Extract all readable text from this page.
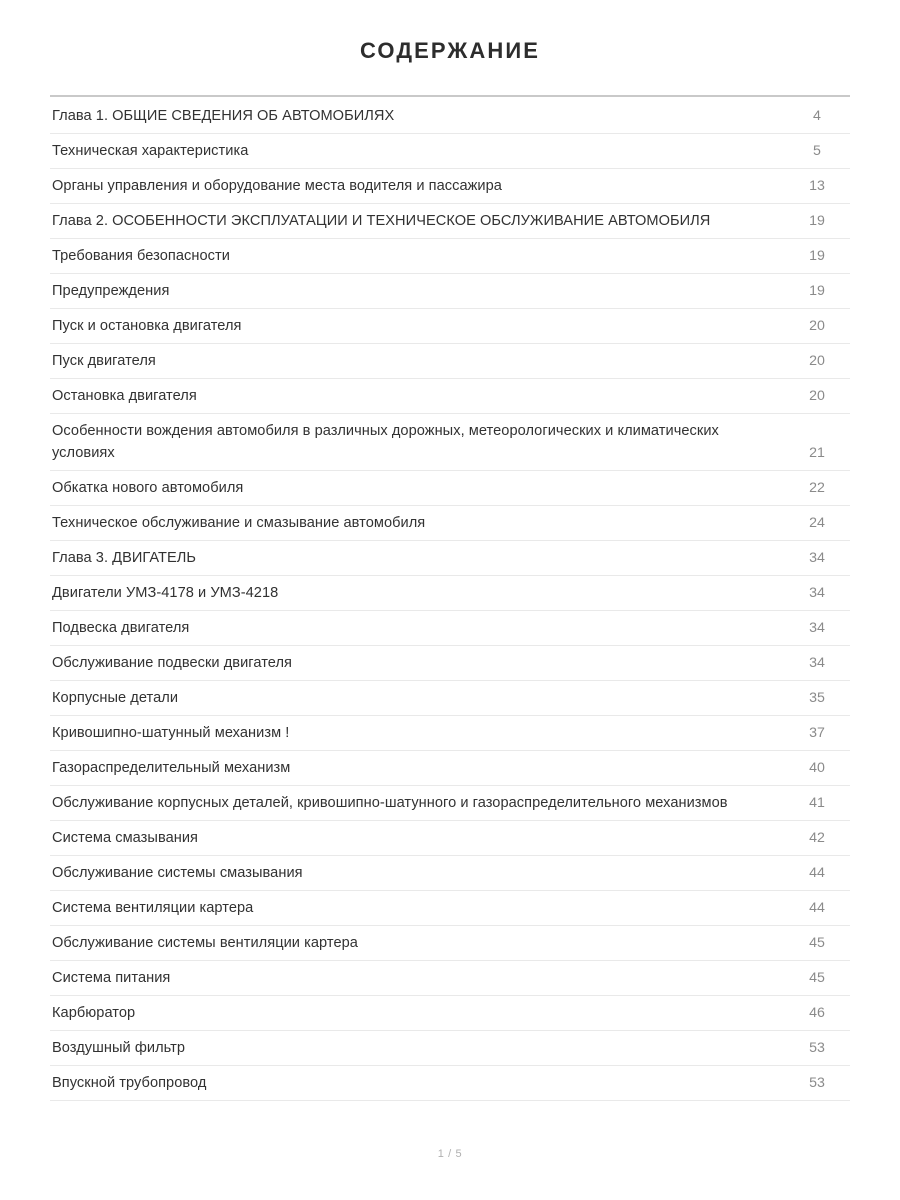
СОДЕРЖАНИЕ
Глава 1. ОБЩИЕ СВЕДЕНИЯ ОБ АВТОМОБИЛЯХ	4
Техническая характеристика	5
Органы управления и оборудование места водителя и пассажира	13
Глава 2. ОСОБЕННОСТИ ЭКСПЛУАТАЦИИ И ТЕХНИЧЕСКОЕ ОБСЛУЖИВАНИЕ АВТОМОБИЛЯ	19
Требования безопасности	19
Предупреждения	19
Пуск и остановка двигателя	20
Пуск двигателя	20
Остановка двигателя	20
Особенности вождения автомобиля в различных дорожных, метеорологических и климатических условиях	21
Обкатка нового автомобиля	22
Техническое обслуживание и смазывание автомобиля	24
Глава 3. ДВИГАТЕЛЬ	34
Двигатели УМЗ-4178 и УМЗ-4218	34
Подвеска двигателя	34
Обслуживание подвески двигателя	34
Корпусные детали	35
Кривошипно-шатунный механизм !	37
Газораспределительный механизм	40
Обслуживание корпусных деталей, кривошипно-шатунного и газораспределительного механизмов	41
Система смазывания	42
Обслуживание системы смазывания	44
Система вентиляции картера	44
Обслуживание системы вентиляции картера	45
Система питания	45
Карбюратор	46
Воздушный фильтр	53
Впускной трубопровод	53
1 / 5
